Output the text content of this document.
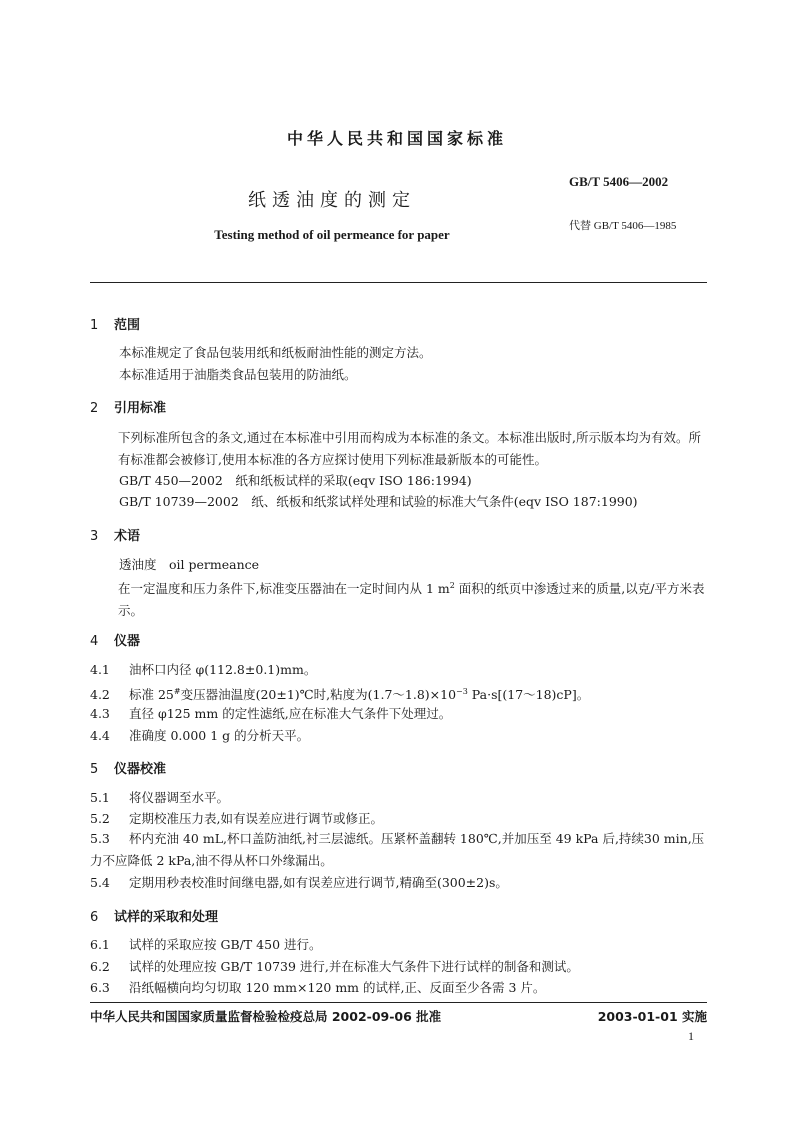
中华人民共和国国家标准
纸透油度的测定
Testing method of oil permeance for paper
GB/T 5406—2002
代替 GB/T 5406—1985
1 范围
本标准规定了食品包装用纸和纸板耐油性能的测定方法。
本标准适用于油脂类食品包装用的防油纸。
2 引用标准
下列标准所包含的条文,通过在本标准中引用而构成为本标准的条文。本标准出版时,所示版本均为有效。所有标准都会被修订,使用本标准的各方应探讨使用下列标准最新版本的可能性。
GB/T 450—2002　纸和纸板试样的采取(eqv ISO 186:1994)
GB/T 10739—2002　纸、纸板和纸浆试样处理和试验的标准大气条件(eqv ISO 187:1990)
3 术语
透油度　oil permeance
在一定温度和压力条件下,标准变压器油在一定时间内从 1 $m^2$ 面积的纸页中渗透过来的质量,以克/平方米表示。
4 仪器
4.1 油杯口内径 φ(112.8±0.1)mm。
4.2 标准 25#变压器油温度(20±1)℃时,粘度为$(1.7\sim 1.8)\times 10^{-3}$ Pa·s[(17～18)cP]。
4.3 直径 φ125 mm 的定性滤纸,应在标准大气条件下处理过。
4.4 准确度 0.000 1 g 的分析天平。
5 仪器校准
5.1 将仪器调至水平。
5.2 定期校准压力表,如有误差应进行调节或修正。
5.3 杯内充油 40 mL,杯口盖防油纸,衬三层滤纸。压紧杯盖翻转 180℃,并加压至 49 kPa 后,持续30 min,压力不应降低 2 kPa,油不得从杯口外缘漏出。
5.4 定期用秒表校准时间继电器,如有误差应进行调节,精确至(300±2)s。
6 试样的采取和处理
6.1 试样的采取应按 GB/T 450 进行。
6.2 试样的处理应按 GB/T 10739 进行,并在标准大气条件下进行试样的制备和测试。
6.3 沿纸幅横向均匀切取 120 mm×120 mm 的试样,正、反面至少各需 3 片。
中华人民共和国国家质量监督检验检疫总局 2002-09-06 批准	2003-01-01 实施
1
